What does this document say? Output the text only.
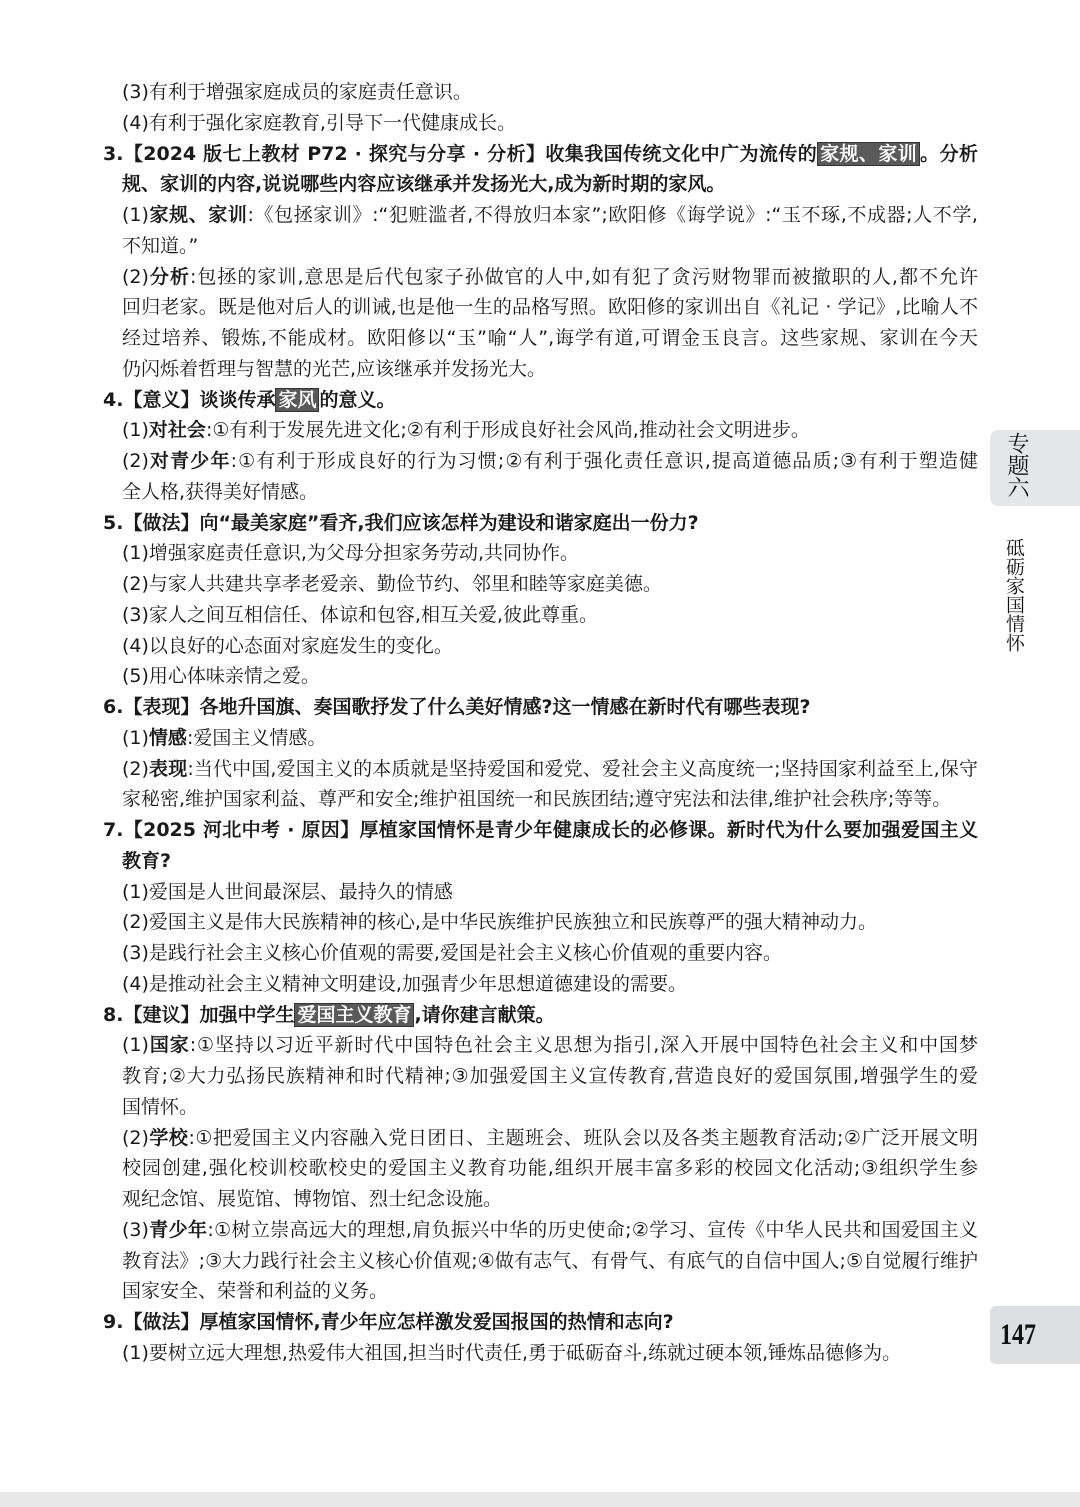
(3)有利于增强家庭成员的家庭责任意识。
(4)有利于强化家庭教育,引导下一代健康成长。
3.【2024 版七上教材 P72 · 探究与分享 · 分析】收集我国传统文化中广为流传的 家规、家训 。分析
规、家训的内容,说说哪些内容应该继承并发扬光大,成为新时期的家风。
(1)家规、家训:《包拯家训》:“犯赃滥者,不得放归本家”;欧阳修《诲学说》:“玉不琢,不成器;人不学,
不知道。”
(2)分析:包拯的家训,意思是后代包家子孙做官的人中,如有犯了贪污财物罪而被撤职的人,都不允许
回归老家。既是他对后人的训诫,也是他一生的品格写照。欧阳修的家训出自《礼记 · 学记》,比喻人不
经过培养、锻炼,不能成材。欧阳修以“玉”喻“人”,诲学有道,可谓金玉良言。这些家规、家训在今天
仍闪烁着哲理与智慧的光芒,应该继承并发扬光大。
4.【意义】谈谈传承 家风 的意义。
(1)对社会:①有利于发展先进文化;②有利于形成良好社会风尚,推动社会文明进步。
(2)对青少年:①有利于形成良好的行为习惯;②有利于强化责任意识,提高道德品质;③有利于塑造健
全人格,获得美好情感。
5.【做法】向“最美家庭”看齐,我们应该怎样为建设和谐家庭出一份力?
(1)增强家庭责任意识,为父母分担家务劳动,共同协作。
(2)与家人共建共享孝老爱亲、勤俭节约、邻里和睦等家庭美德。
(3)家人之间互相信任、体谅和包容,相互关爱,彼此尊重。
(4)以良好的心态面对家庭发生的变化。
(5)用心体味亲情之爱。
6.【表现】各地升国旗、奏国歌抒发了什么美好情感?这一情感在新时代有哪些表现?
(1)情感:爱国主义情感。
(2)表现:当代中国,爱国主义的本质就是坚持爱国和爱党、爱社会主义高度统一;坚持国家利益至上,保守
家秘密,维护国家利益、尊严和安全;维护祖国统一和民族团结;遵守宪法和法律,维护社会秩序;等等。
7.【2025 河北中考 · 原因】厚植家国情怀是青少年健康成长的必修课。新时代为什么要加强爱国主义
教育?
(1)爱国是人世间最深层、最持久的情感
(2)爱国主义是伟大民族精神的核心,是中华民族维护民族独立和民族尊严的强大精神动力。
(3)是践行社会主义核心价值观的需要,爱国是社会主义核心价值观的重要内容。
(4)是推动社会主义精神文明建设,加强青少年思想道德建设的需要。
8.【建议】加强中学生 爱国主义教育 ,请你建言献策。
(1)国家:①坚持以习近平新时代中国特色社会主义思想为指引,深入开展中国特色社会主义和中国梦
教育;②大力弘扬民族精神和时代精神;③加强爱国主义宣传教育,营造良好的爱国氛围,增强学生的爱
国情怀。
(2)学校:①把爱国主义内容融入党日团日、主题班会、班队会以及各类主题教育活动;②广泛开展文明
校园创建,强化校训校歌校史的爱国主义教育功能,组织开展丰富多彩的校园文化活动;③组织学生参
观纪念馆、展览馆、博物馆、烈士纪念设施。
(3)青少年:①树立崇高远大的理想,肩负振兴中华的历史使命;②学习、宣传《中华人民共和国爱国主义
教育法》;③大力践行社会主义核心价值观;④做有志气、有骨气、有底气的自信中国人;⑤自觉履行维护
国家安全、荣誉和利益的义务。
9.【做法】厚植家国情怀,青少年应怎样激发爱国报国的热情和志向?
(1)要树立远大理想,热爱伟大祖国,担当时代责任,勇于砥砺奋斗,练就过硬本领,锤炼品德修为。
专题六
砥砺家国情怀
147
